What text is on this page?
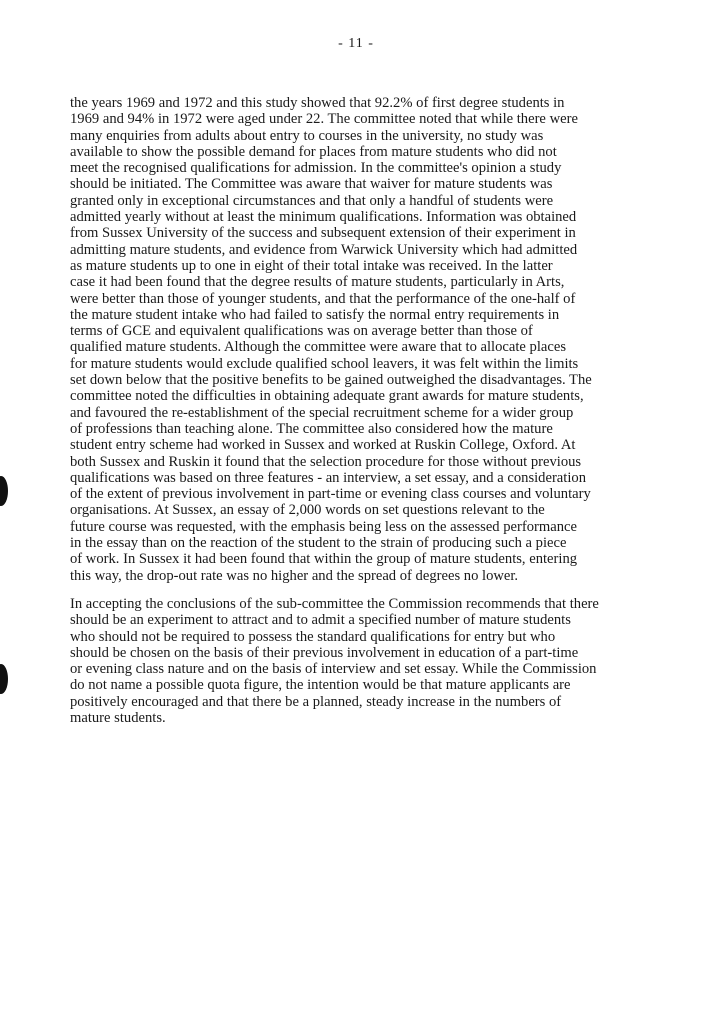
- 11 -
the years 1969 and 1972 and this study showed that 92.2% of first degree students in
1969 and 94% in 1972 were aged under 22. The committee noted that while there were
many enquiries from adults about entry to courses in the university, no study was
available to show the possible demand for places from mature students who did not
meet the recognised qualifications for admission. In the committee's opinion a study
should be initiated. The Committee was aware that waiver for mature students was
granted only in exceptional circumstances and that only a handful of students were
admitted yearly without at least the minimum qualifications. Information was obtained
from Sussex University of the success and subsequent extension of their experiment in
admitting mature students, and evidence from Warwick University which had admitted
as mature students up to one in eight of their total intake was received. In the latter
case it had been found that the degree results of mature students, particularly in Arts,
were better than those of younger students, and that the performance of the one-half of
the mature student intake who had failed to satisfy the normal entry requirements in
terms of GCE and equivalent qualifications was on average better than those of
qualified mature students. Although the committee were aware that to allocate places
for mature students would exclude qualified school leavers, it was felt within the limits
set down below that the positive benefits to be gained outweighed the disadvantages. The
committee noted the difficulties in obtaining adequate grant awards for mature students,
and favoured the re-establishment of the special recruitment scheme for a wider group
of professions than teaching alone. The committee also considered how the mature
student entry scheme had worked in Sussex and worked at Ruskin College, Oxford. At
both Sussex and Ruskin it found that the selection procedure for those without previous
qualifications was based on three features - an interview, a set essay, and a consideration
of the extent of previous involvement in part-time or evening class courses and voluntary
organisations. At Sussex, an essay of 2,000 words on set questions relevant to the
future course was requested, with the emphasis being less on the assessed performance
in the essay than on the reaction of the student to the strain of producing such a piece
of work. In Sussex it had been found that within the group of mature students, entering
this way, the drop-out rate was no higher and the spread of degrees no lower.
In accepting the conclusions of the sub-committee the Commission recommends that there
should be an experiment to attract and to admit a specified number of mature students
who should not be required to possess the standard qualifications for entry but who
should be chosen on the basis of their previous involvement in education of a part-time
or evening class nature and on the basis of interview and set essay. While the Commission
do not name a possible quota figure, the intention would be that mature applicants are
positively encouraged and that there be a planned, steady increase in the numbers of
mature students.
